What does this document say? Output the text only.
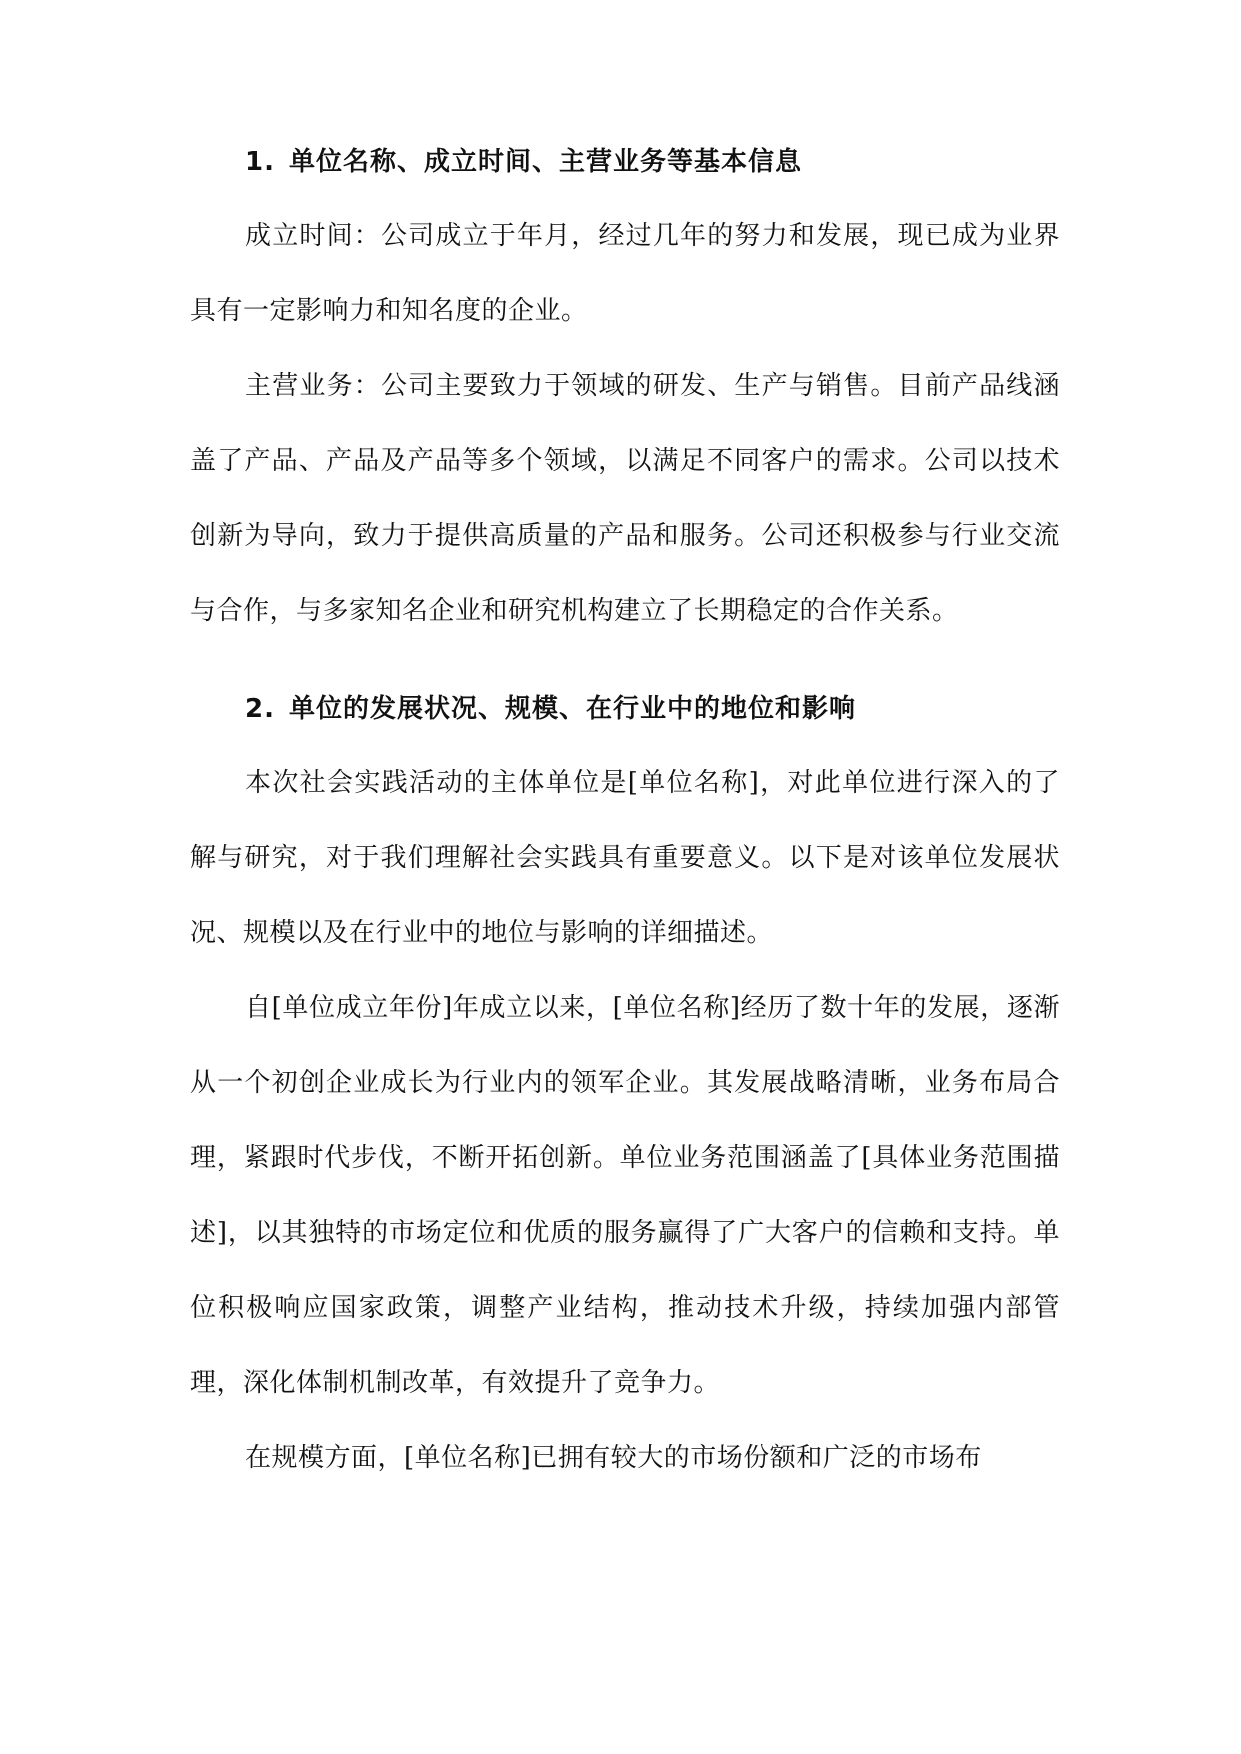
1. 单位名称、成立时间、主营业务等基本信息

成立时间：公司成立于年月，经过几年的努力和发展，现已成为业界具有一定影响力和知名度的企业。

主营业务：公司主要致力于领域的研发、生产与销售。目前产品线涵盖了产品、产品及产品等多个领域，以满足不同客户的需求。公司以技术创新为导向，致力于提供高质量的产品和服务。公司还积极参与行业交流与合作，与多家知名企业和研究机构建立了长期稳定的合作关系。

2. 单位的发展状况、规模、在行业中的地位和影响

本次社会实践活动的主体单位是[单位名称]，对此单位进行深入的了解与研究，对于我们理解社会实践具有重要意义。以下是对该单位发展状况、规模以及在行业中的地位与影响的详细描述。

自[单位成立年份]年成立以来，[单位名称]经历了数十年的发展，逐渐从一个初创企业成长为行业内的领军企业。其发展战略清晰，业务布局合理，紧跟时代步伐，不断开拓创新。单位业务范围涵盖了[具体业务范围描述]，以其独特的市场定位和优质的服务赢得了广大客户的信赖和支持。单位积极响应国家政策，调整产业结构，推动技术升级，持续加强内部管理，深化体制机制改革，有效提升了竞争力。

在规模方面，[单位名称]已拥有较大的市场份额和广泛的市场布
